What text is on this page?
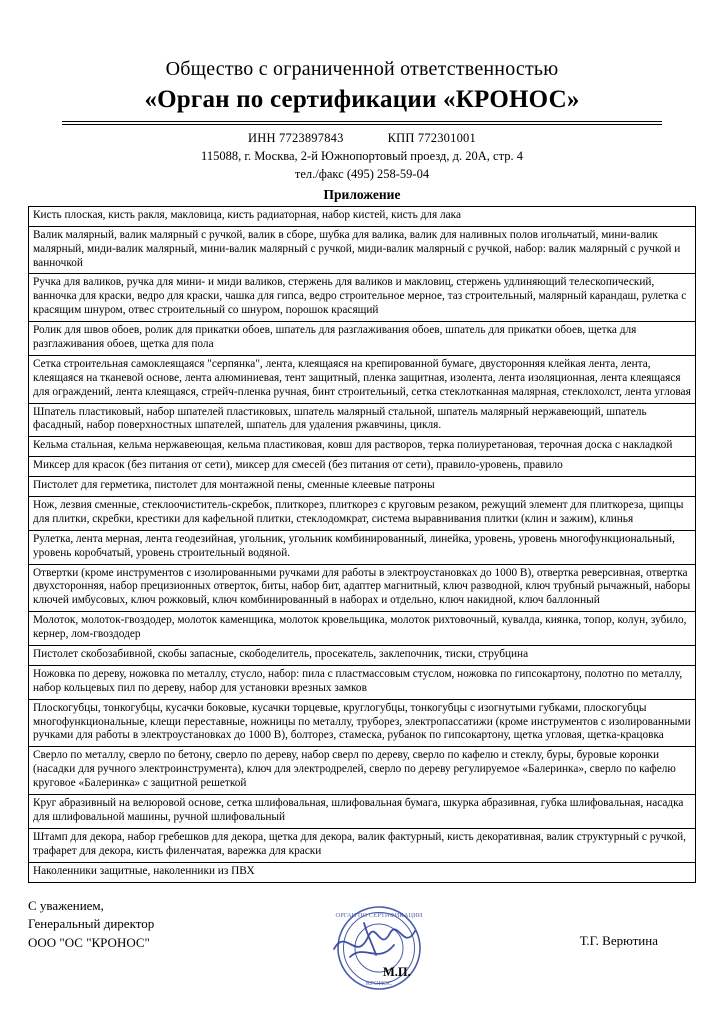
Общество с ограниченной ответственностью
«Орган по сертификации «КРОНОС»
ИНН 7723897843	КПП 772301001
115088, г. Москва, 2-й Южнопортовый проезд, д. 20А, стр. 4
тел./факс (495) 258-59-04
Приложение
Кисть плоская, кисть ракля, макловица, кисть радиаторная, набор кистей, кисть для лака
Валик малярный, валик малярный с ручкой, валик в сборе, шубка для валика, валик для наливных полов игольчатый, мини-валик малярный, миди-валик малярный, мини-валик малярный с ручкой, миди-валик малярный с ручкой, набор: валик малярный с ручкой и ванночкой
Ручка для валиков, ручка для мини- и миди валиков, стержень для валиков и макловиц, стержень удлиняющий телескопический, ванночка для краски, ведро для краски, чашка для гипса, ведро строительное мерное, таз строительный, малярный карандаш, рулетка с красящим шнуром, отвес строительный со шнуром, порошок красящий
Ролик для швов обоев, ролик для прикатки обоев, шпатель для разглаживания обоев, шпатель для прикатки обоев, щетка для разглаживания обоев, щетка для пола
Сетка строительная самоклеящаяся "серпянка", лента, клеящаяся на крепированной бумаге, двусторонняя клейкая лента, лента, клеящаяся на тканевой основе, лента алюминиевая, тент защитный, пленка защитная, изолента, лента изоляционная, лента клеящаяся для ограждений, лента клеящаяся, стрейч-пленка ручная, бинт строительный, сетка стеклотканная малярная, стеклохолст, лента угловая
Шпатель пластиковый, набор шпателей пластиковых, шпатель малярный стальной, шпатель малярный нержавеющий, шпатель фасадный, набор поверхностных шпателей, шпатель для удаления ржавчины, цикля.
Кельма стальная, кельма нержавеющая, кельма пластиковая, ковш для растворов, терка полиуретановая, терочная доска с накладкой
Миксер для красок (без питания от сети), миксер для смесей (без питания от сети), правило-уровень, правило
Пистолет для герметика, пистолет для монтажной пены, сменные клеевые патроны
Нож, лезвия сменные, стеклоочиститель-скребок, плиткорез, плиткорез с круговым резаком, режущий элемент для плиткореза, щипцы для плитки, скребки, крестики для кафельной плитки, стеклодомкрат, система выравнивания плитки (клин и зажим), клинья
Рулетка, лента мерная, лента геодезийная, угольник, угольник комбинированный, линейка, уровень, уровень многофункциональный, уровень коробчатый, уровень строительный водяной.
Отвертки (кроме инструментов с изолированными ручками для работы в электроустановках до 1000 В), отвертка реверсивная, отвертка двухсторонняя, набор прецизионных отверток, биты, набор бит, адаптер магнитный, ключ разводной, ключ трубный рычажный, наборы ключей имбусовых, ключ рожковый, ключ комбинированный в наборах и отдельно, ключ накидной, ключ баллонный
Молоток, молоток-гвоздодер, молоток каменщика, молоток кровельщика, молоток рихтовочный, кувалда, киянка, топор, колун, зубило, кернер, лом-гвоздодер
Пистолет скобозабивной, скобы запасные, скободелитель, просекатель, заклепочник, тиски, струбцина
Ножовка по дереву, ножовка по металлу, стусло, набор: пила с пластмассовым стуслом, ножовка по гипсокартону, полотно по металлу, набор кольцевых пил по дереву, набор для установки врезных замков
Плоскогубцы, тонкогубцы, кусачки боковые, кусачки торцевые, круглогубцы, тонкогубцы с изогнутыми губками, плоскогубцы многофункциональные, клещи переставные, ножницы по металлу, труборез, электропассатижи (кроме инструментов с изолированными ручками для работы в электроустановках до 1000 В), болторез, стамеска, рубанок по гипсокартону, щетка угловая, щетка-крацовка
Сверло по металлу, сверло по бетону, сверло по дереву, набор сверл по дереву, сверло по кафелю и стеклу, буры, буровые коронки (насадки для ручного электроинструмента), ключ для электродрелей, сверло по дереву регулируемое «Балеринка», сверло по кафелю круговое «Балеринка» с защитной решеткой
Круг абразивный на велюровой основе, сетка шлифовальная, шлифовальная бумага, шкурка абразивная, губка шлифовальная, насадка для шлифовальной машины, ручной шлифовальный
Штамп для декора, набор гребешков для декора, щетка для декора, валик фактурный, кисть декоративная, валик структурный с ручкой, трафарет для декора, кисть филенчатая, варежка для краски
Наколенники защитные, наколенники из ПВХ
С уважением,
Генеральный директор
ООО "ОС "КРОНОС"
ОРГАН ПО СЕРТИФИКАЦИИ
КРОНОС
М.П.
Т.Г. Верютина
